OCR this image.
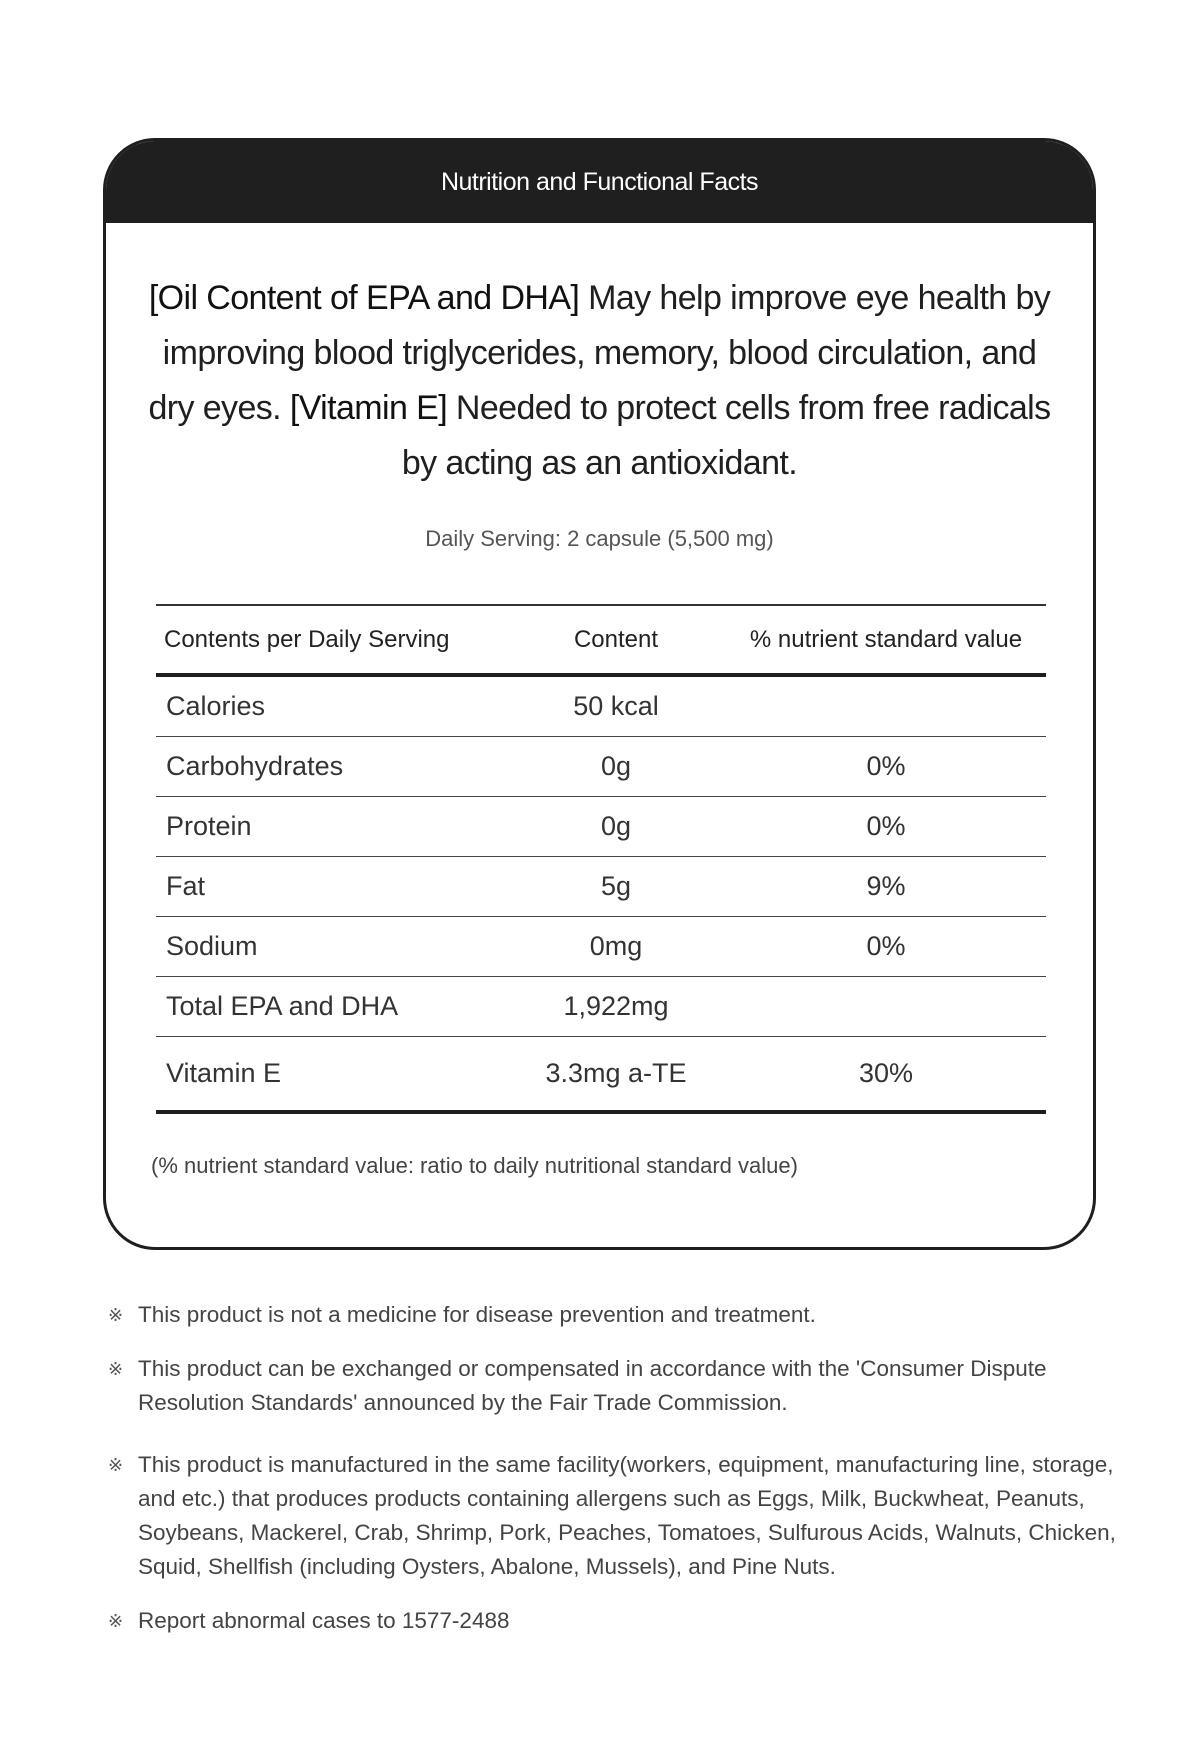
Nutrition and Functional Facts
[Oil Content of EPA and DHA] May help improve eye health by improving blood triglycerides, memory, blood circulation, and dry eyes. [Vitamin E] Needed to protect cells from free radicals by acting as an antioxidant.
Daily Serving: 2 capsule (5,500 mg)
Contents per Daily Serving	Content	% nutrient standard value
Calories	50 kcal	
Carbohydrates	0g	0%
Protein	0g	0%
Fat	5g	9%
Sodium	0mg	0%
Total EPA and DHA	1,922mg	
Vitamin E	3.3mg a-TE	30%
(% nutrient standard value: ratio to daily nutritional standard value)
※ This product is not a medicine for disease prevention and treatment.
※ This product can be exchanged or compensated in accordance with the 'Consumer Dispute Resolution Standards' announced by the Fair Trade Commission.
※ This product is manufactured in the same facility(workers, equipment, manufacturing line, storage, and etc.) that produces products containing allergens such as Eggs, Milk, Buckwheat, Peanuts, Soybeans, Mackerel, Crab, Shrimp, Pork, Peaches, Tomatoes, Sulfurous Acids, Walnuts, Chicken, Squid, Shellfish (including Oysters, Abalone, Mussels), and Pine Nuts.
※ Report abnormal cases to 1577-2488
